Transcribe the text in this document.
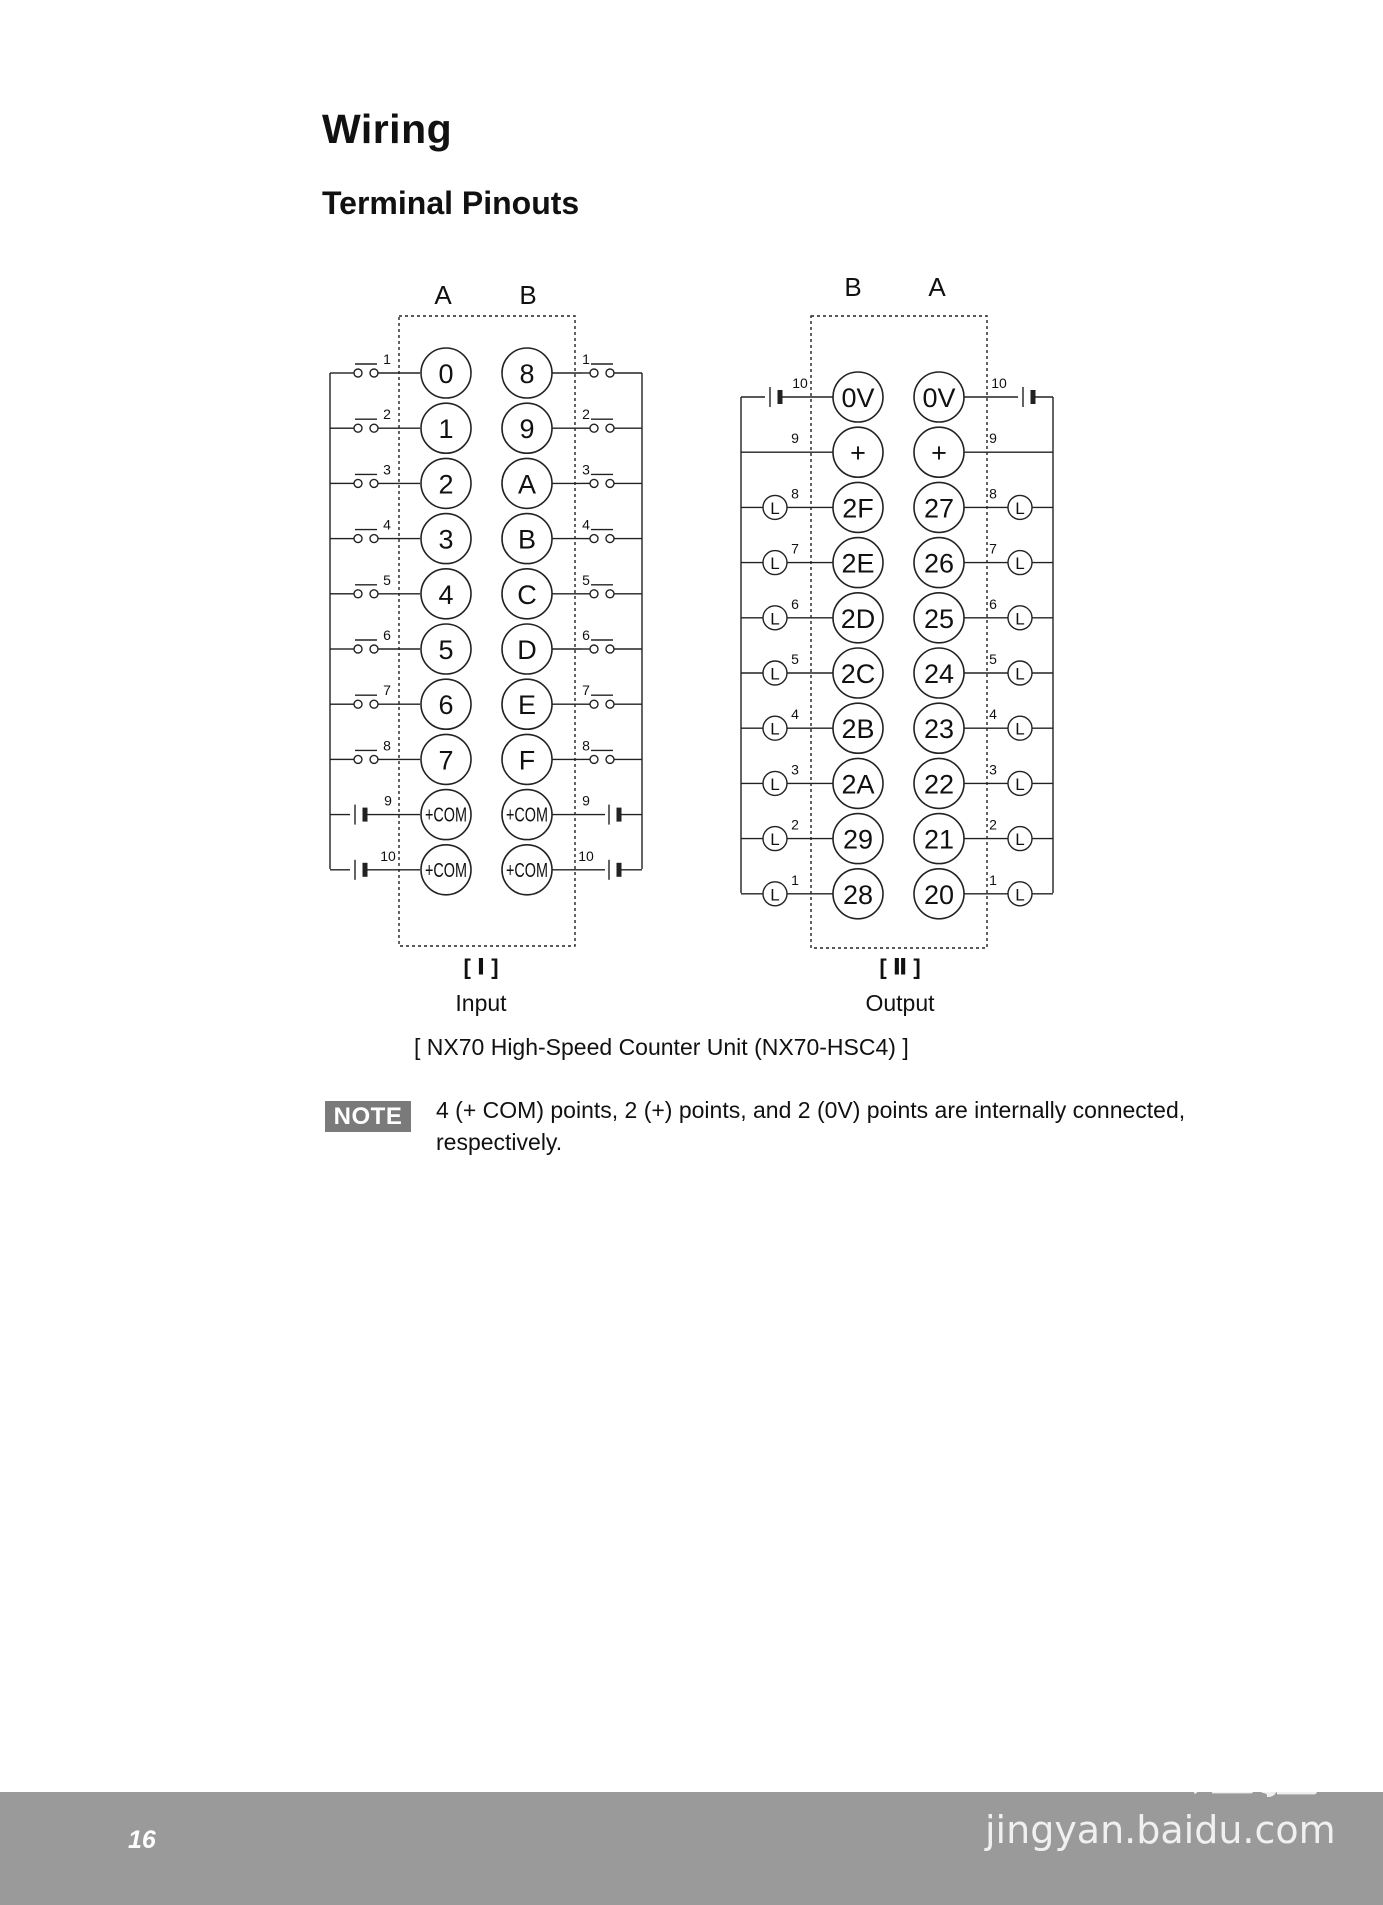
Wiring
Terminal Pinouts
A	B
1	1
0 8
2	2
1 9
3	3
2 A
4	4
3 B
5	5
4 C
6	6
5 D
7	7
6 E
8	8
7 F
9	9
+COM +COM
10	10
+COM +COM
[ Ⅰ ]
Input
B	A
10	10
0V 0V
9	9
+ +
L	L
8	8
2F 27
L	L
7	7
2E 26
L	L
6	6
2D 25
L	L
5	5
2C 24
L	L
4	4
2B 23
L	L
3	3
2A 22
L	L
2	2
29 21
L	L
1	1
28 20
[ Ⅱ ]
Output
[ NX70 High-Speed Counter Unit (NX70-HSC4) ]
NOTE	4 (+ COM) points, 2 (+) points, and 2 (0V) points are internally connected, respectively.
16
Baidu经验
jingyan.baidu.com
